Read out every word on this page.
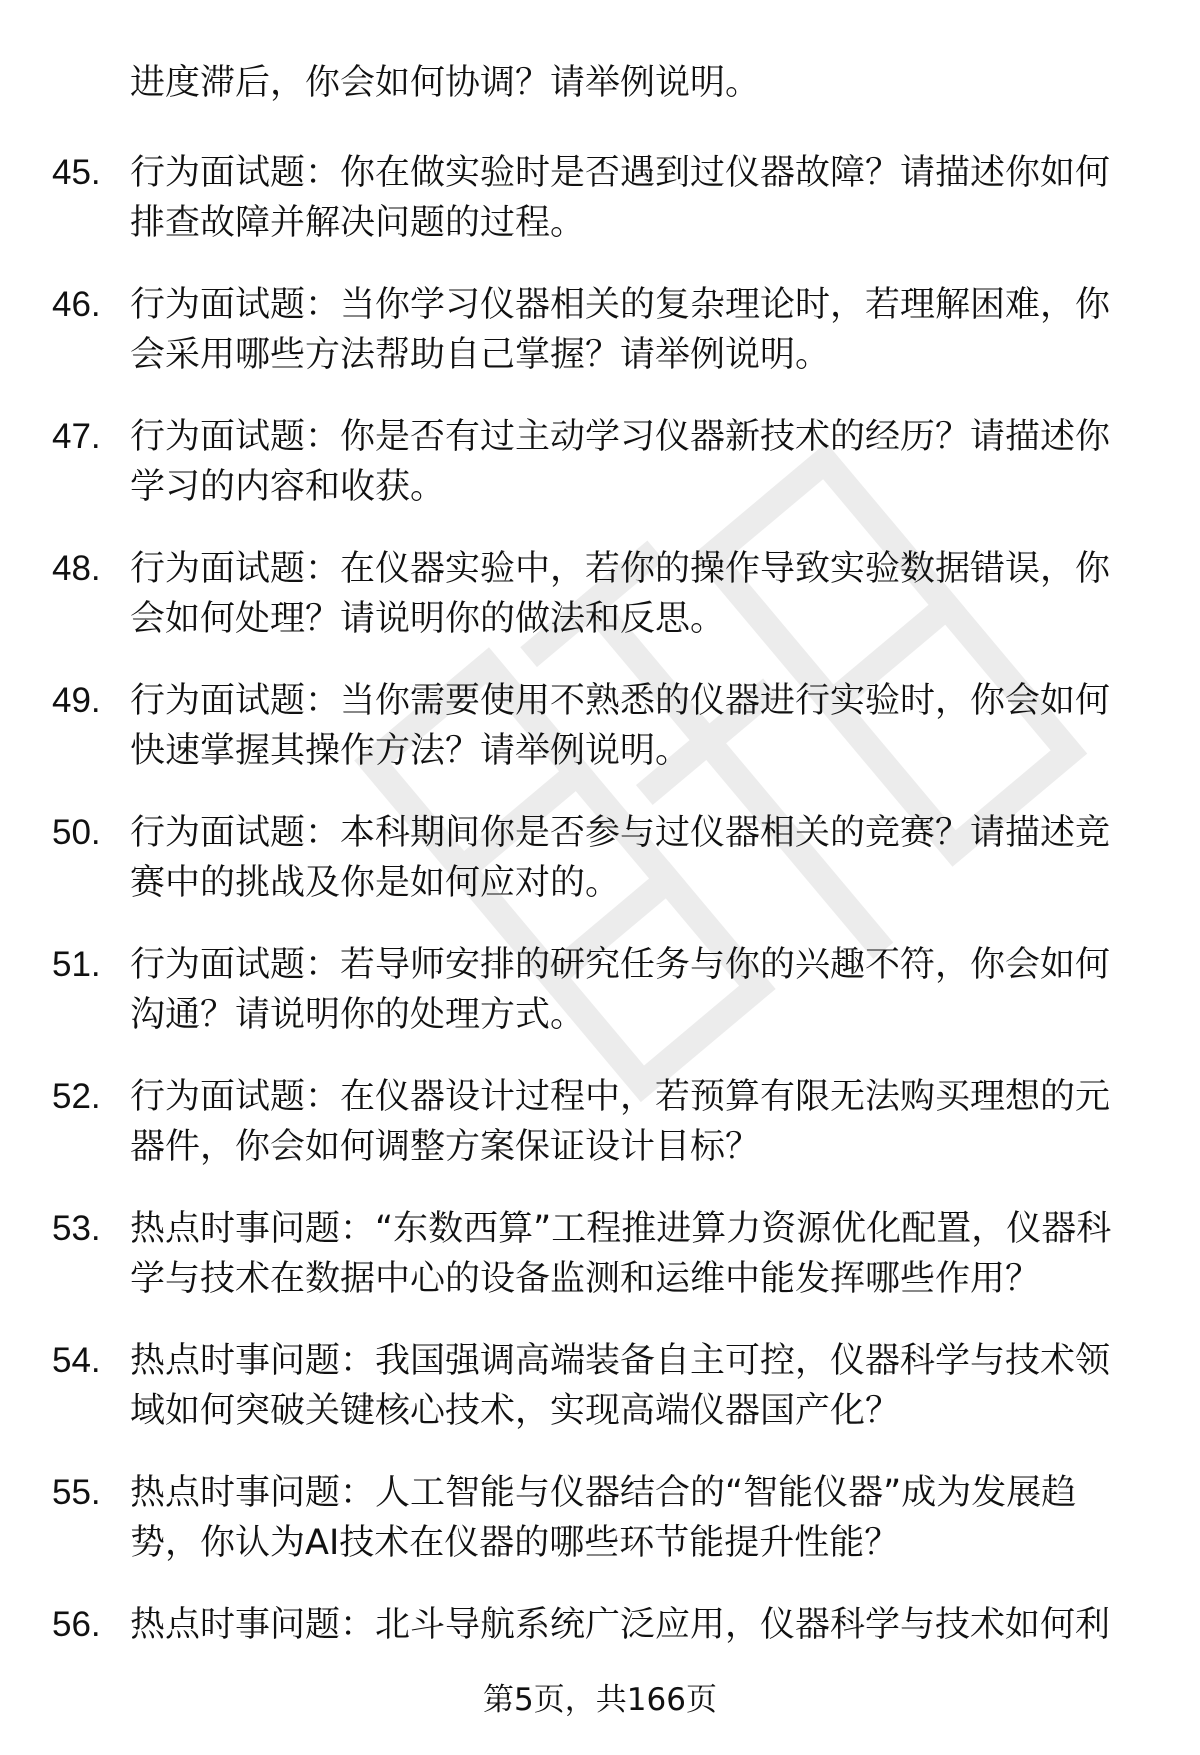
进度滞后，你会如何协调？请举例说明。

45. 行为面试题：你在做实验时是否遇到过仪器故障？请描述你如何排查故障并解决问题的过程。
46. 行为面试题：当你学习仪器相关的复杂理论时，若理解困难，你会采用哪些方法帮助自己掌握？请举例说明。
47. 行为面试题：你是否有过主动学习仪器新技术的经历？请描述你学习的内容和收获。
48. 行为面试题：在仪器实验中，若你的操作导致实验数据错误，你会如何处理？请说明你的做法和反思。
49. 行为面试题：当你需要使用不熟悉的仪器进行实验时，你会如何快速掌握其操作方法？请举例说明。
50. 行为面试题：本科期间你是否参与过仪器相关的竞赛？请描述竞赛中的挑战及你是如何应对的。
51. 行为面试题：若导师安排的研究任务与你的兴趣不符，你会如何沟通？请说明你的处理方式。
52. 行为面试题：在仪器设计过程中，若预算有限无法购买理想的元器件，你会如何调整方案保证设计目标？
53. 热点时事问题：“东数西算”工程推进算力资源优化配置，仪器科学与技术在数据中心的设备监测和运维中能发挥哪些作用？
54. 热点时事问题：我国强调高端装备自主可控，仪器科学与技术领域如何突破关键核心技术，实现高端仪器国产化？
55. 热点时事问题：人工智能与仪器结合的“智能仪器”成为发展趋势，你认为AI技术在仪器的哪些环节能提升性能？
56. 热点时事问题：北斗导航系统广泛应用，仪器科学与技术如何利
第5页，共166页
